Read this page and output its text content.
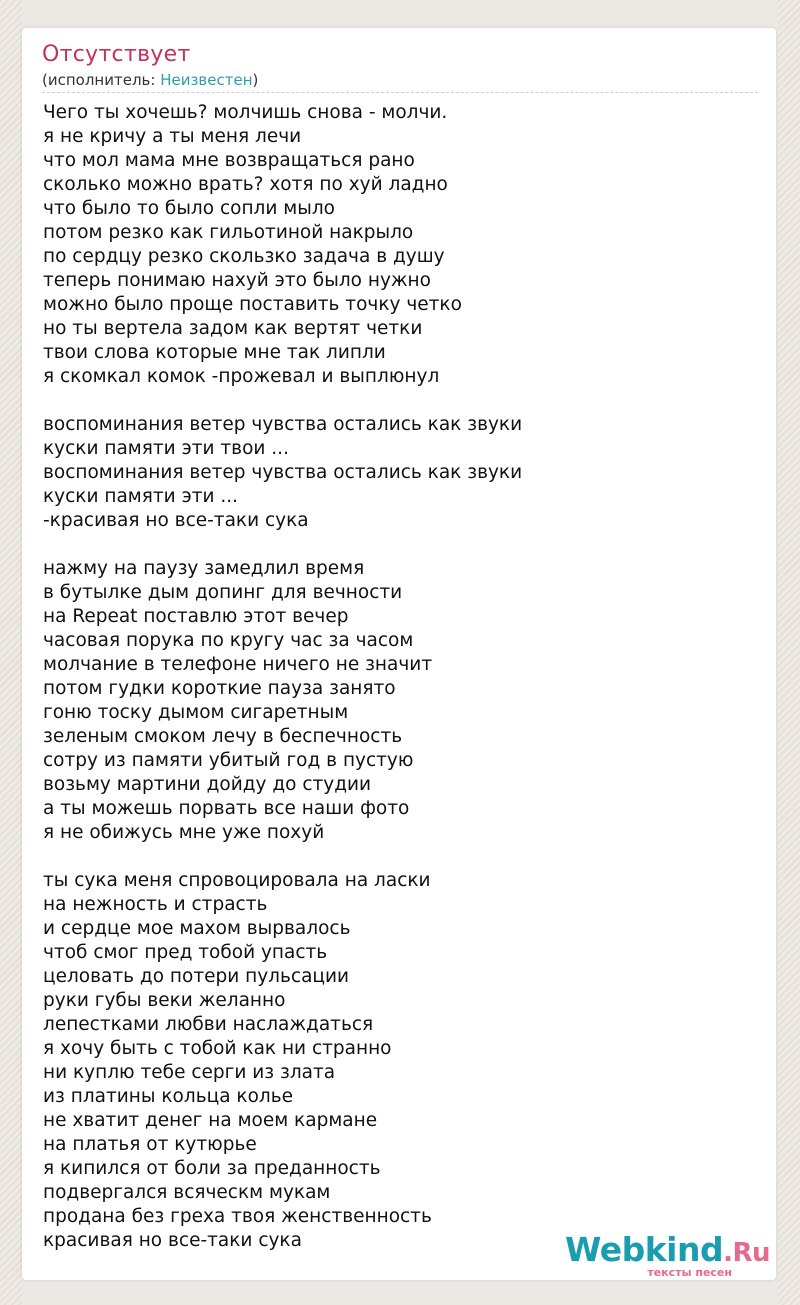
Отсутствует
(исполнитель: Неизвестен)
Чего ты хочешь? молчишь снова - молчи.
я не кричу а ты меня лечи
что мол мама мне возвращаться рано
сколько можно врать? хотя по хуй ладно
что было то было сопли мыло
потом резко как гильотиной накрыло
по сердцу резко скользко задача в душу
теперь понимаю нахуй это было нужно
можно было проще поставить точку четко
но ты вертела задом как вертят четки
твои слова которые мне так липли
я скомкал комок -прожевал и выплюнул
воспоминания ветер чувства остались как звуки
куски памяти эти твои ...
воспоминания ветер чувства остались как звуки
куски памяти эти ...
-красивая но все-таки сука
нажму на паузу замедлил время
в бутылке дым допинг для вечности
на Repeat поставлю этот вечер
часовая порука по кругу час за часом
молчание в телефоне ничего не значит
потом гудки короткие пауза занято
гоню тоску дымом сигаретным
зеленым смоком лечу в беспечность
сотру из памяти убитый год в пустую
возьму мартини дойду до студии
а ты можешь порвать все наши фото
я не обижусь мне уже похуй
ты сука меня спровоцировала на ласки
на нежность и страсть
и сердце мое махом вырвалось
чтоб смог пред тобой упасть
целовать до потери пульсации
руки губы веки желанно
лепестками любви наслаждаться
я хочу быть с тобой как ни странно
ни куплю тебе серги из злата
из платины кольца колье
не хватит денег на моем кармане
на платья от кутюрье
я кипился от боли за преданность
подвергался всяческм мукам
продана без греха твоя женственность
красивая но все-таки сука	Webkind.Ru
тексты песен
